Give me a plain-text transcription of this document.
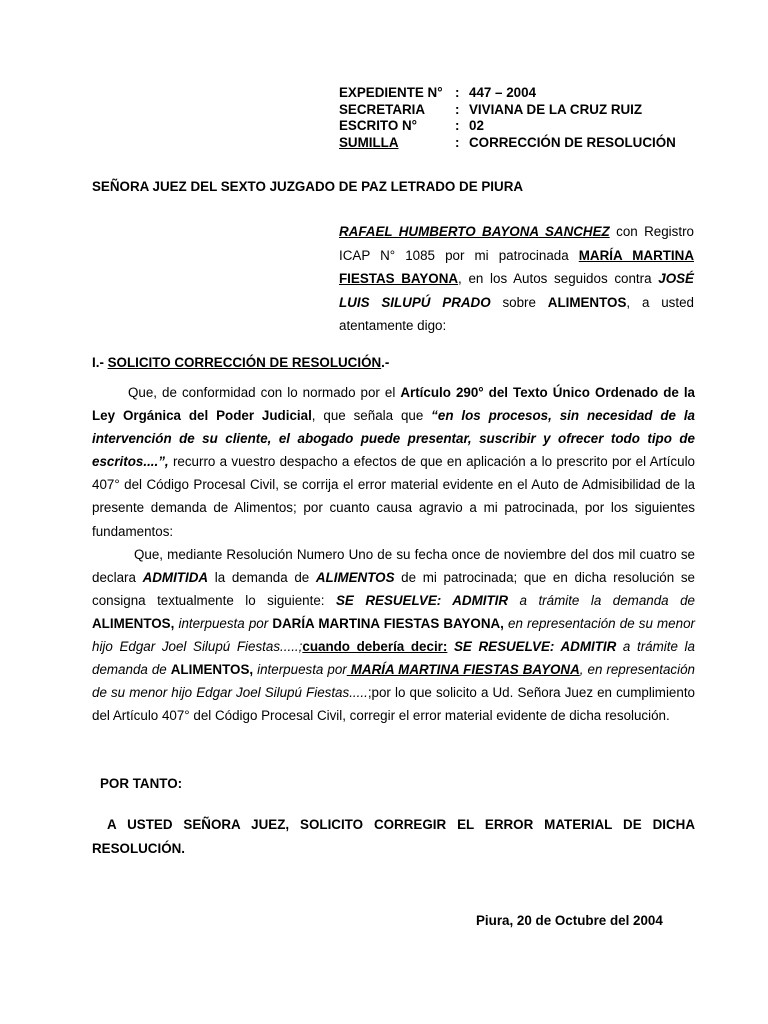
EXPEDIENTE N° : 447 – 2004
SECRETARIA	: VIVIANA DE LA CRUZ RUIZ
ESCRITO N°	: 02
SUMILLA	: CORRECCIÓN DE RESOLUCIÓN
SEÑORA JUEZ DEL SEXTO JUZGADO DE PAZ LETRADO DE PIURA
RAFAEL HUMBERTO BAYONA SANCHEZ con Registro ICAP N° 1085 por mi patrocinada MARÍA MARTINA FIESTAS BAYONA, en los Autos seguidos contra JOSÉ LUIS SILUPÚ PRADO sobre ALIMENTOS, a usted atentamente digo:
I.- SOLICITO CORRECCIÓN DE RESOLUCIÓN.-

Que, de conformidad con lo normado por el Artículo 290° del Texto Único Ordenado de la Ley Orgánica del Poder Judicial, que señala que “en los procesos, sin necesidad de la intervención de su cliente, el abogado puede presentar, suscribir y ofrecer todo tipo de escritos....”, recurro a vuestro despacho a efectos de que en aplicación a lo prescrito por el Artículo 407° del Código Procesal Civil, se corrija el error material evidente en el Auto de Admisibilidad de la presente demanda de Alimentos; por cuanto causa agravio a mi patrocinada, por los siguientes fundamentos:

Que, mediante Resolución Numero Uno de su fecha once de noviembre del dos mil cuatro se declara ADMITIDA la demanda de ALIMENTOS de mi patrocinada; que en dicha resolución se consigna textualmente lo siguiente: SE RESUELVE: ADMITIR a trámite la demanda de ALIMENTOS, interpuesta por DARÍA MARTINA FIESTAS BAYONA, en representación de su menor hijo Edgar Joel Silupú Fiestas.....;cuando debería decir: SE RESUELVE: ADMITIR a trámite la demanda de ALIMENTOS, interpuesta por MARÍA MARTINA FIESTAS BAYONA, en representación de su menor hijo Edgar Joel Silupú Fiestas.....;por lo que solicito a Ud. Señora Juez en cumplimiento del Artículo 407° del Código Procesal Civil, corregir el error material evidente de dicha resolución.

POR TANTO:
A USTED SEÑORA JUEZ, SOLICITO CORREGIR EL ERROR MATERIAL DE DICHA RESOLUCIÓN.
Piura, 20 de Octubre del 2004
